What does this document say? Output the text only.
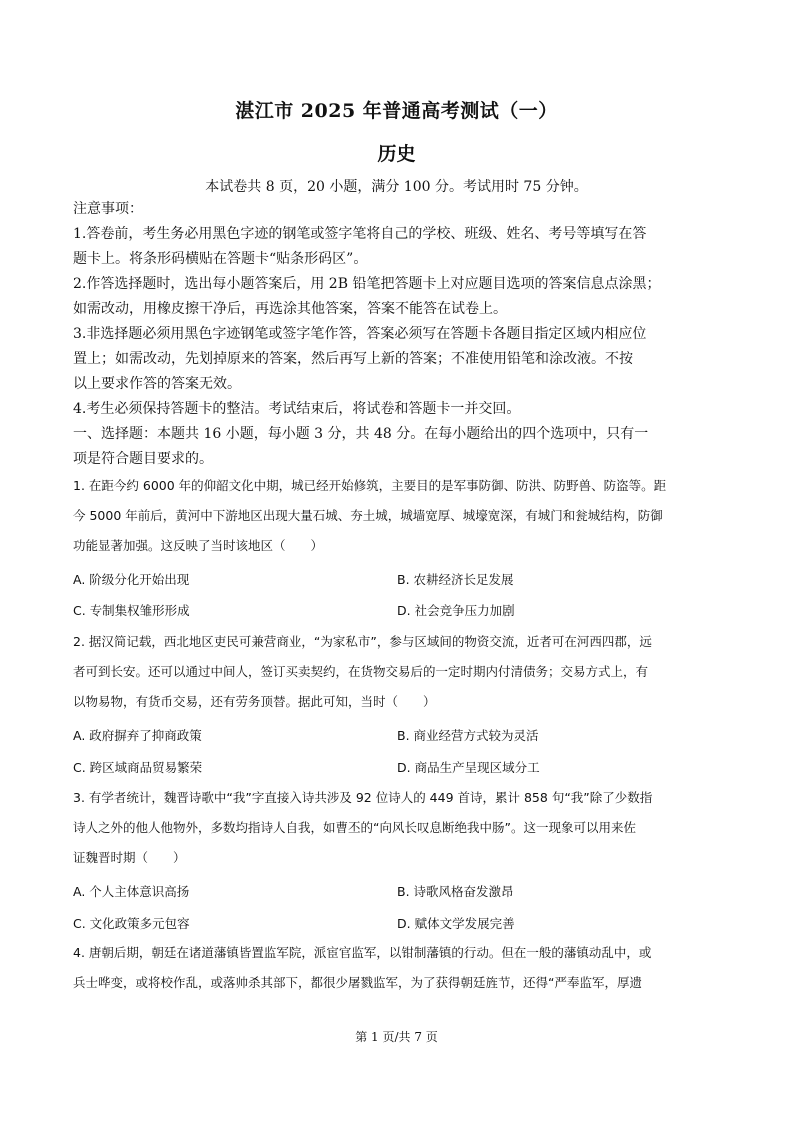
湛江市 2025 年普通高考测试（一）
历史
本试卷共 8 页，20 小题，满分 100 分。考试用时 75 分钟。
注意事项：
1.答卷前，考生务必用黑色字迹的钢笔或签字笔将自己的学校、班级、姓名、考号等填写在答
题卡上。将条形码横贴在答题卡“贴条形码区”。
2.作答选择题时，选出每小题答案后，用 2B 铅笔把答题卡上对应题目选项的答案信息点涂黑；
如需改动，用橡皮擦干净后，再选涂其他答案，答案不能答在试卷上。
3.非选择题必须用黑色字迹钢笔或签字笔作答，答案必须写在答题卡各题目指定区域内相应位
置上；如需改动，先划掉原来的答案，然后再写上新的答案；不准使用铅笔和涂改液。不按
以上要求作答的答案无效。
4.考生必须保持答题卡的整洁。考试结束后，将试卷和答题卡一并交回。
一、选择题：本题共 16 小题，每小题 3 分，共 48 分。在每小题给出的四个选项中，只有一
项是符合题目要求的。
1. 在距今约 6000 年的仰韶文化中期，城已经开始修筑，主要目的是军事防御、防洪、防野兽、防盗等。距
今 5000 年前后，黄河中下游地区出现大量石城、夯土城，城墙宽厚、城壕宽深，有城门和瓮城结构，防御
功能显著加强。这反映了当时该地区（　　）
A. 阶级分化开始出现	B. 农耕经济长足发展
C. 专制集权雏形形成	D. 社会竞争压力加剧
2. 据汉简记载，西北地区吏民可兼营商业，“为家私市”，参与区域间的物资交流，近者可在河西四郡，远
者可到长安。还可以通过中间人，签订买卖契约，在货物交易后的一定时期内付清债务；交易方式上，有
以物易物，有货币交易，还有劳务顶替。据此可知，当时（　　）
A. 政府摒弃了抑商政策	B. 商业经营方式较为灵活
C. 跨区域商品贸易繁荣	D. 商品生产呈现区域分工
3. 有学者统计，魏晋诗歌中“我”字直接入诗共涉及 92 位诗人的 449 首诗，累计 858 句“我”除了少数指
诗人之外的他人他物外，多数均指诗人自我，如曹丕的“向风长叹息断绝我中肠”。这一现象可以用来佐
证魏晋时期（　　）
A. 个人主体意识高扬	B. 诗歌风格奋发激昂
C. 文化政策多元包容	D. 赋体文学发展完善
4. 唐朝后期，朝廷在诸道藩镇皆置监军院，派宦官监军，以钳制藩镇的行动。但在一般的藩镇动乱中，或
兵士哗变，或将校作乱，或落帅杀其部下，都很少屠戮监军，为了获得朝廷旌节，还得“严奉监军，厚遗
第 1 页/共 7 页
